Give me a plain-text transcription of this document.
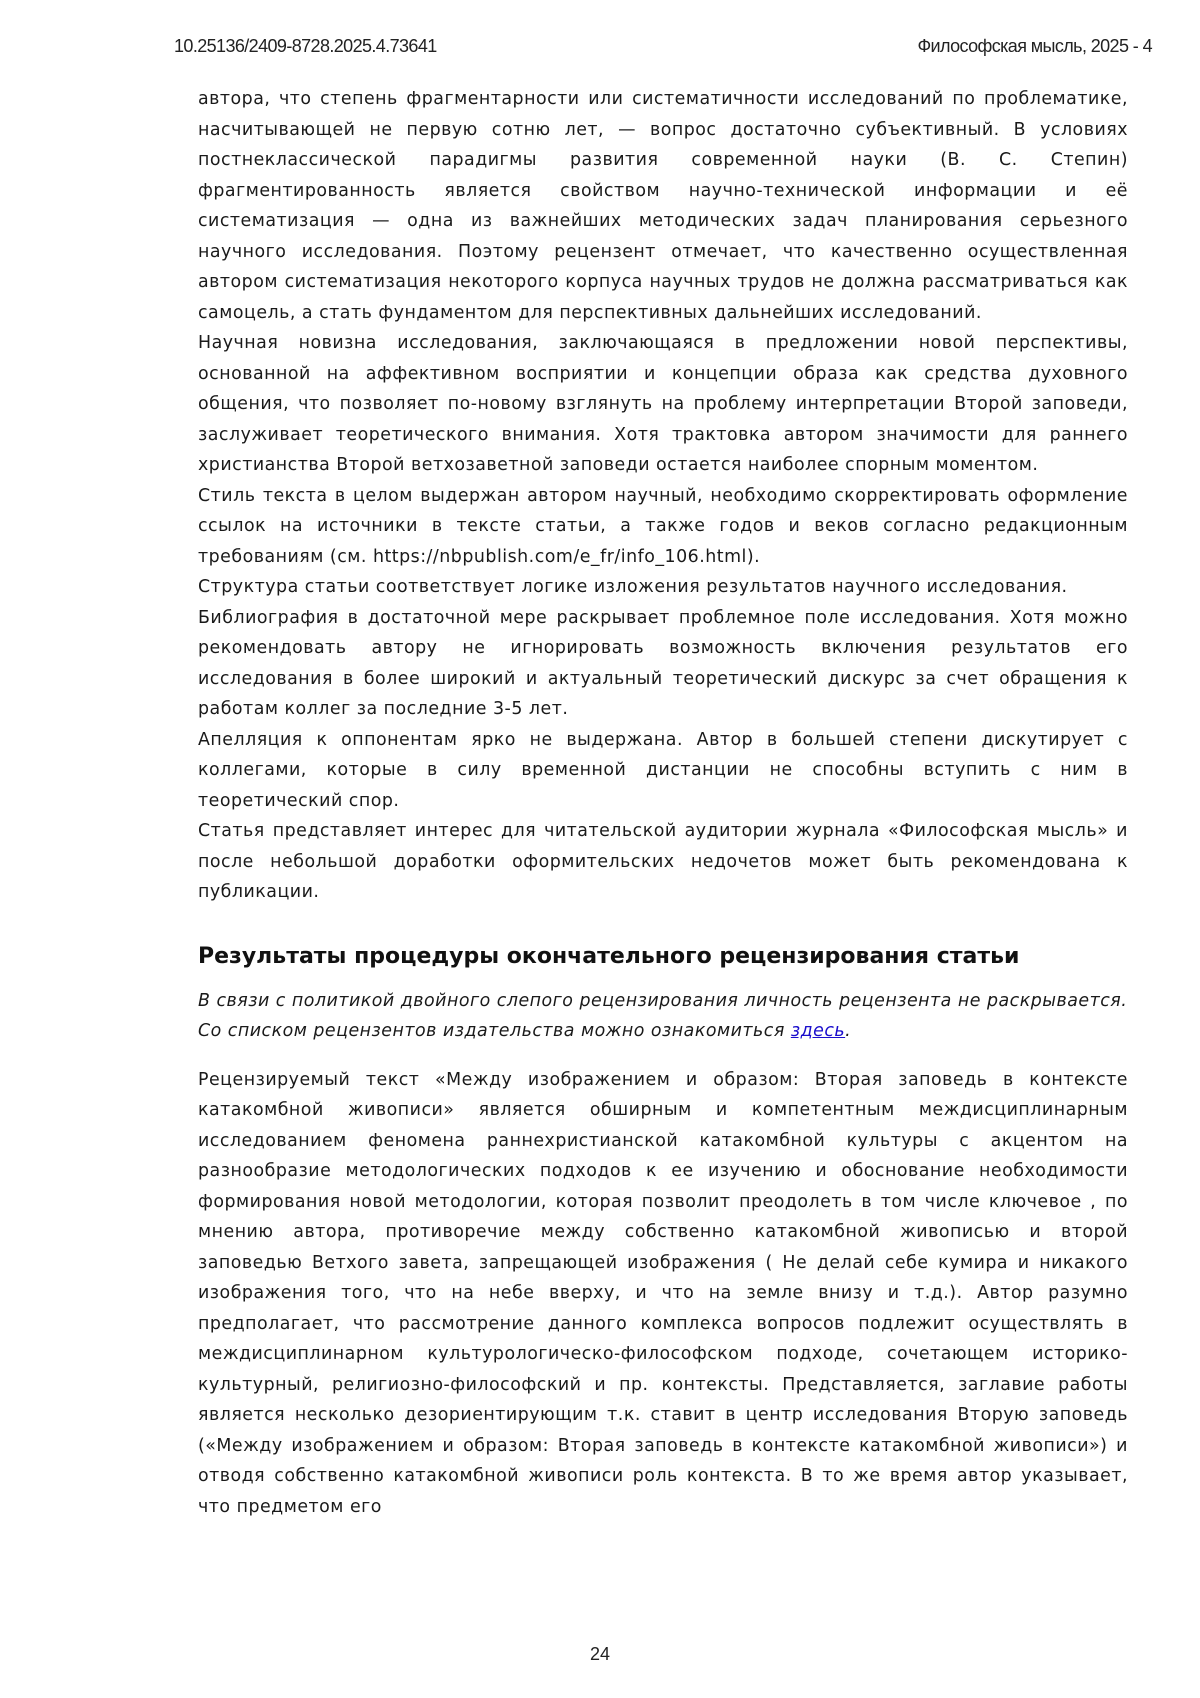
10.25136/2409-8728.2025.4.73641	Философская мысль, 2025 - 4

автора, что степень фрагментарности или систематичности исследований по проблематике, насчитывающей не первую сотню лет, — вопрос достаточно субъективный. В условиях постнеклассической парадигмы развития современной науки (В. С. Степин) фрагментированность является свойством научно-технической информации и её систематизация — одна из важнейших методических задач планирования серьезного научного исследования. Поэтому рецензент отмечает, что качественно осуществленная автором систематизация некоторого корпуса научных трудов не должна рассматриваться как самоцель, а стать фундаментом для перспективных дальнейших исследований.

Научная новизна исследования, заключающаяся в предложении новой перспективы, основанной на аффективном восприятии и концепции образа как средства духовного общения, что позволяет по-новому взглянуть на проблему интерпретации Второй заповеди, заслуживает теоретического внимания. Хотя трактовка автором значимости для раннего христианства Второй ветхозаветной заповеди остается наиболее спорным моментом.

Стиль текста в целом выдержан автором научный, необходимо скорректировать оформление ссылок на источники в тексте статьи, а также годов и веков согласно редакционным требованиям (см. https://nbpublish.com/e_fr/info_106.html).

Структура статьи соответствует логике изложения результатов научного исследования.

Библиография в достаточной мере раскрывает проблемное поле исследования. Хотя можно рекомендовать автору не игнорировать возможность включения результатов его исследования в более широкий и актуальный теоретический дискурс за счет обращения к работам коллег за последние 3-5 лет.

Апелляция к оппонентам ярко не выдержана. Автор в большей степени дискутирует с коллегами, которые в силу временной дистанции не способны вступить с ним в теоретический спор.

Статья представляет интерес для читательской аудитории журнала «Философская мысль» и после небольшой доработки оформительских недочетов может быть рекомендована к публикации.

Результаты процедуры окончательного рецензирования статьи

В связи с политикой двойного слепого рецензирования личность рецензента не раскрывается.

Со списком рецензентов издательства можно ознакомиться здесь.

Рецензируемый текст «Между изображением и образом: Вторая заповедь в контексте катакомбной живописи» является обширным и компетентным междисциплинарным исследованием феномена раннехристианской катакомбной культуры с акцентом на разнообразие методологических подходов к ее изучению и обоснование необходимости формирования новой методологии, которая позволит преодолеть в том числе ключевое , по мнению автора, противоречие между собственно катакомбной живописью и второй заповедью Ветхого завета, запрещающей изображения ( Не делай себе кумира и никакого изображения того, что на небе вверху, и что на земле внизу и т.д.). Автор разумно предполагает, что рассмотрение данного комплекса вопросов подлежит осуществлять в междисциплинарном культурологическо-философском подходе, сочетающем историко-культурный, религиозно-философский и пр. контексты. Представляется, заглавие работы является несколько дезориентирующим т.к. ставит в центр исследования Вторую заповедь («Между изображением и образом: Вторая заповедь в контексте катакомбной живописи») и отводя собственно катакомбной живописи роль контекста. В то же время автор указывает, что предметом его

24
